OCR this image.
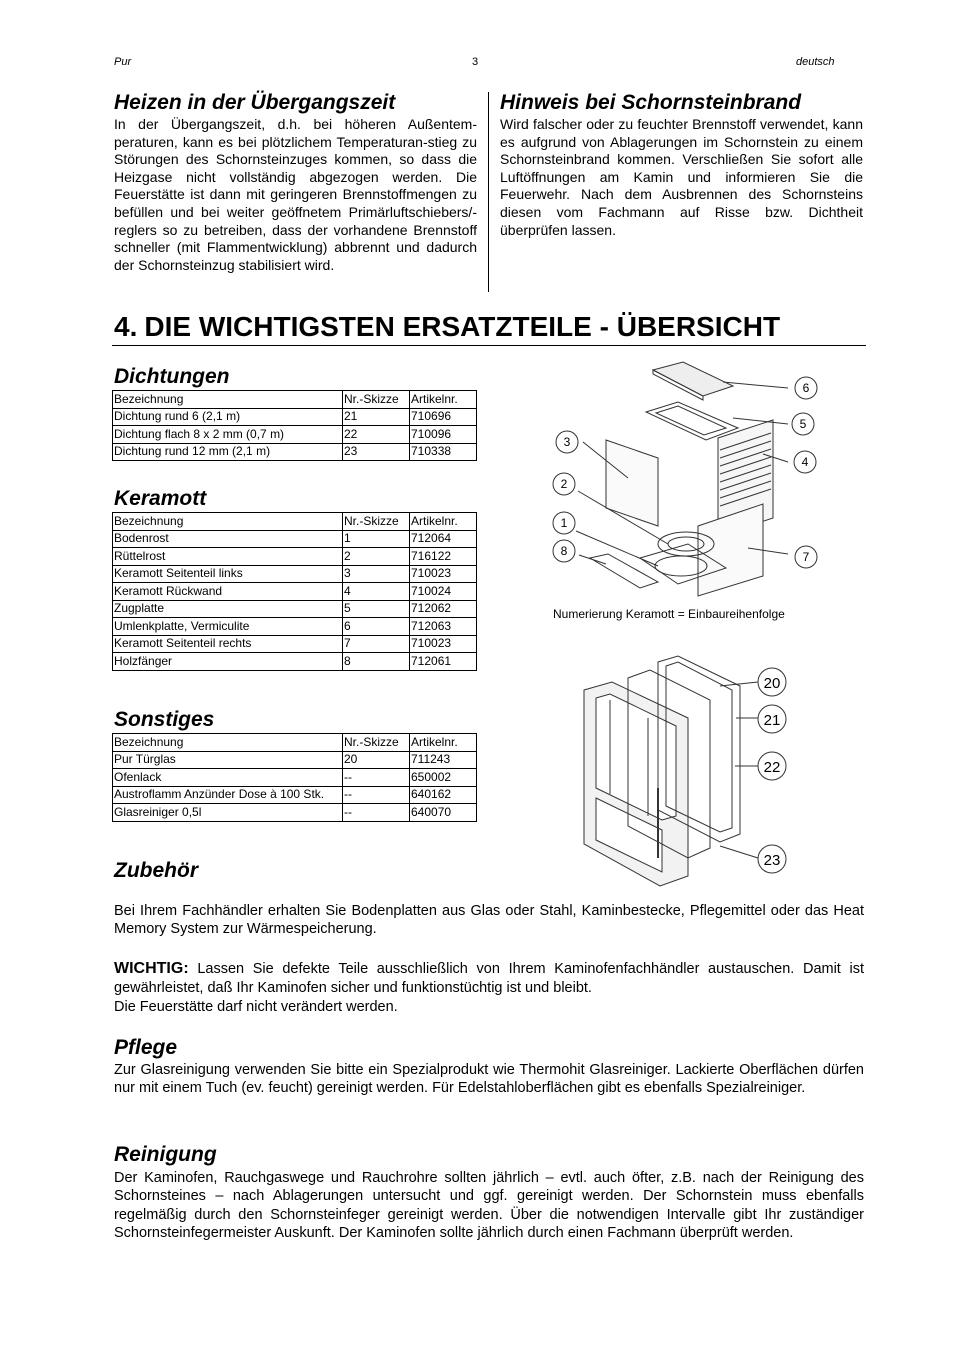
Pur	3	deutsch
Heizen in der Übergangszeit
In der Übergangszeit, d.h. bei höheren Außentem-peraturen, kann es bei plötzlichem Temperaturan-stieg zu Störungen des Schornsteinzuges kommen, so dass die Heizgase nicht vollständig abgezogen werden. Die Feuerstätte ist dann mit geringeren Brennstoffmengen zu befüllen und bei weiter geöffnetem Primärluftschiebers/-reglers so zu betreiben, dass der vorhandene Brennstoff schneller (mit Flammentwicklung) abbrennt und dadurch der Schornsteinzug stabilisiert wird.
Hinweis bei Schornsteinbrand
Wird falscher oder zu feuchter Brennstoff verwendet, kann es aufgrund von Ablagerungen im Schornstein zu einem Schornsteinbrand kommen. Verschließen Sie sofort alle Luftöffnungen am Kamin und informieren Sie die Feuerwehr. Nach dem Ausbrennen des Schornsteins diesen vom Fachmann auf Risse bzw. Dichtheit überprüfen lassen.
4. DIE WICHTIGSTEN ERSATZTEILE - ÜBERSICHT
Dichtungen
Bezeichnung	Nr.-Skizze	Artikelnr.
Dichtung rund 6 (2,1 m)	21	710696
Dichtung flach 8 x 2 mm (0,7 m)	22	710096
Dichtung rund 12 mm (2,1 m)	23	710338
Keramott
Bezeichnung	Nr.-Skizze	Artikelnr.
Bodenrost	1	712064
Rüttelrost	2	716122
Keramott Seitenteil links	3	710023
Keramott Rückwand	4	710024
Zugplatte	5	712062
Umlenkplatte, Vermiculite	6	712063
Keramott Seitenteil rechts	7	710023
Holzfänger	8	712061
Sonstiges
Bezeichnung	Nr.-Skizze	Artikelnr.
Pur Türglas	20	711243
Ofenlack	--	650002
Austroflamm Anzünder Dose à 100 Stk.	--	640162
Glasreiniger 0,5l	--	640070
3
2
1
8
6
5
4
7
Numerierung Keramott = Einbaureihenfolge
20
21
22
23
Zubehör
Bei Ihrem Fachhändler erhalten Sie Bodenplatten aus Glas oder Stahl, Kaminbestecke, Pflegemittel oder das Heat Memory System zur Wärmespeicherung.
WICHTIG: Lassen Sie defekte Teile ausschließlich von Ihrem Kaminofenfachhändler austauschen. Damit ist gewährleistet, daß Ihr Kaminofen sicher und funktionstüchtig ist und bleibt.
Die Feuerstätte darf nicht verändert werden.
Pflege
Zur Glasreinigung verwenden Sie bitte ein Spezialprodukt wie Thermohit Glasreiniger. Lackierte Oberflächen dürfen nur mit einem Tuch (ev. feucht) gereinigt werden. Für Edelstahloberflächen gibt es ebenfalls Spezialreiniger.
Reinigung
Der Kaminofen, Rauchgaswege und Rauchrohre sollten jährlich – evtl. auch öfter, z.B. nach der Reinigung des Schornsteines – nach Ablagerungen untersucht und ggf. gereinigt werden. Der Schornstein muss ebenfalls regelmäßig durch den Schornsteinfeger gereinigt werden. Über die notwendigen Intervalle gibt Ihr zuständiger Schornsteinfegermeister Auskunft. Der Kaminofen sollte jährlich durch einen Fachmann überprüft werden.
